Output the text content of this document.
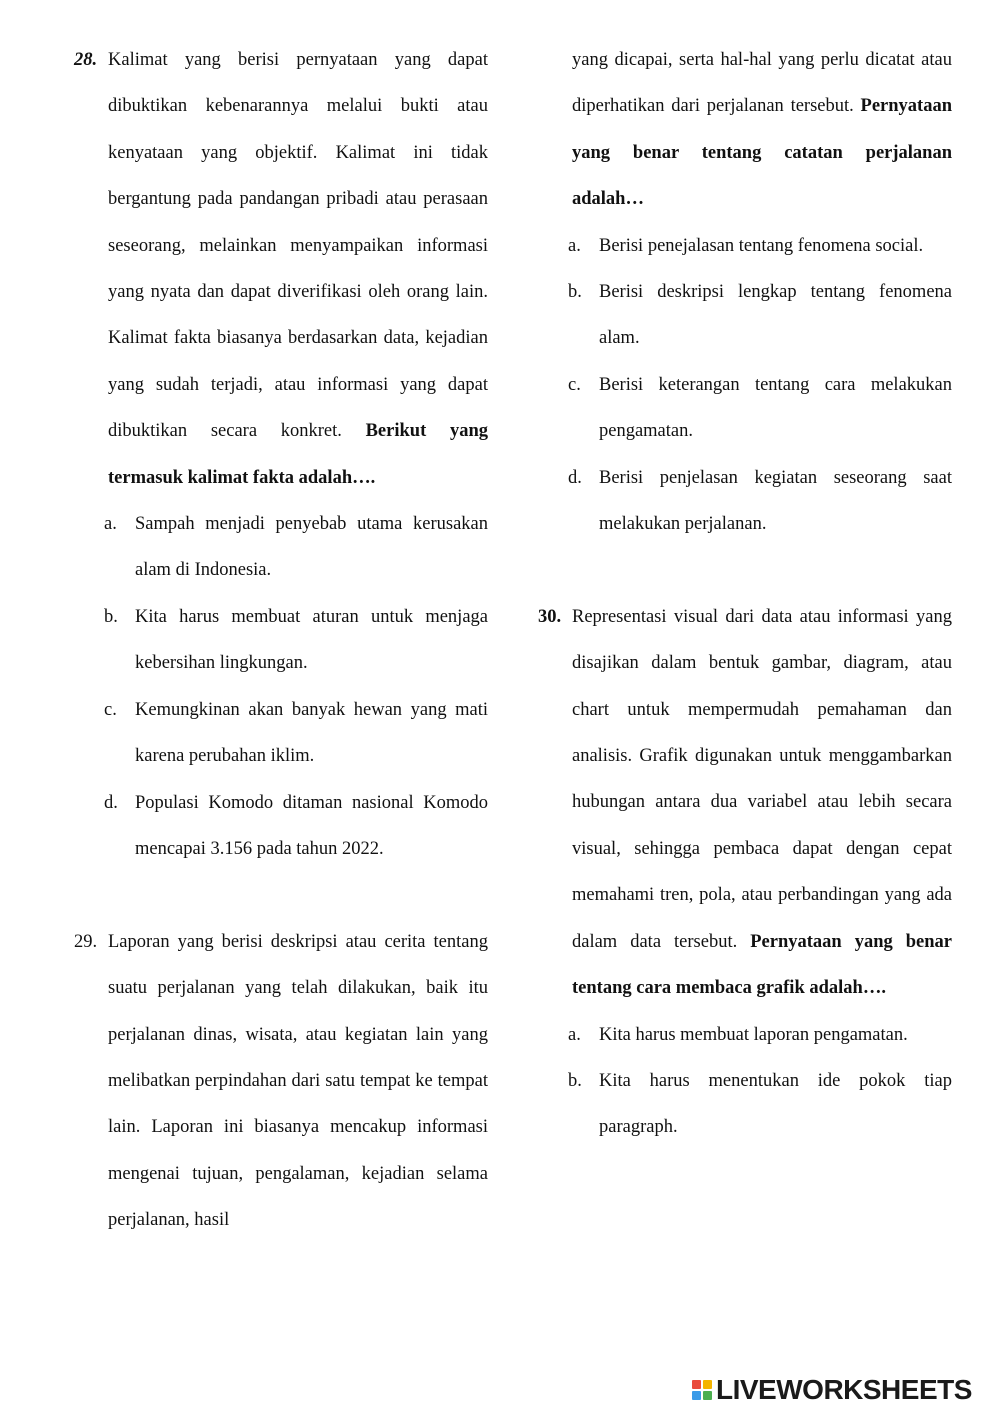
28. Kalimat yang berisi pernyataan yang dapat dibuktikan kebenarannya melalui bukti atau kenyataan yang objektif. Kalimat ini tidak bergantung pada pandangan pribadi atau perasaan seseorang, melainkan menyampaikan informasi yang nyata dan dapat diverifikasi oleh orang lain. Kalimat fakta biasanya berdasarkan data, kejadian yang sudah terjadi, atau informasi yang dapat dibuktikan secara konkret. Berikut yang termasuk kalimat fakta adalah….
a. Sampah menjadi penyebab utama kerusakan alam di Indonesia.
b. Kita harus membuat aturan untuk menjaga kebersihan lingkungan.
c. Kemungkinan akan banyak hewan yang mati karena perubahan iklim.
d. Populasi Komodo ditaman nasional Komodo mencapai 3.156 pada tahun 2022.
29. Laporan yang berisi deskripsi atau cerita tentang suatu perjalanan yang telah dilakukan, baik itu perjalanan dinas, wisata, atau kegiatan lain yang melibatkan perpindahan dari satu tempat ke tempat lain. Laporan ini biasanya mencakup informasi mengenai tujuan, pengalaman, kejadian selama perjalanan, hasil
yang dicapai, serta hal-hal yang perlu dicatat atau diperhatikan dari perjalanan tersebut. Pernyataan yang benar tentang catatan perjalanan adalah…
a. Berisi penejalasan tentang fenomena social.
b. Berisi deskripsi lengkap tentang fenomena alam.
c. Berisi keterangan tentang cara melakukan pengamatan.
d. Berisi penjelasan kegiatan seseorang saat melakukan perjalanan.
30. Representasi visual dari data atau informasi yang disajikan dalam bentuk gambar, diagram, atau chart untuk mempermudah pemahaman dan analisis. Grafik digunakan untuk menggambarkan hubungan antara dua variabel atau lebih secara visual, sehingga pembaca dapat dengan cepat memahami tren, pola, atau perbandingan yang ada dalam data tersebut. Pernyataan yang benar tentang cara membaca grafik adalah….
a. Kita harus membuat laporan pengamatan.
b. Kita harus menentukan ide pokok tiap paragraph.
LIVEWORKSHEETS
